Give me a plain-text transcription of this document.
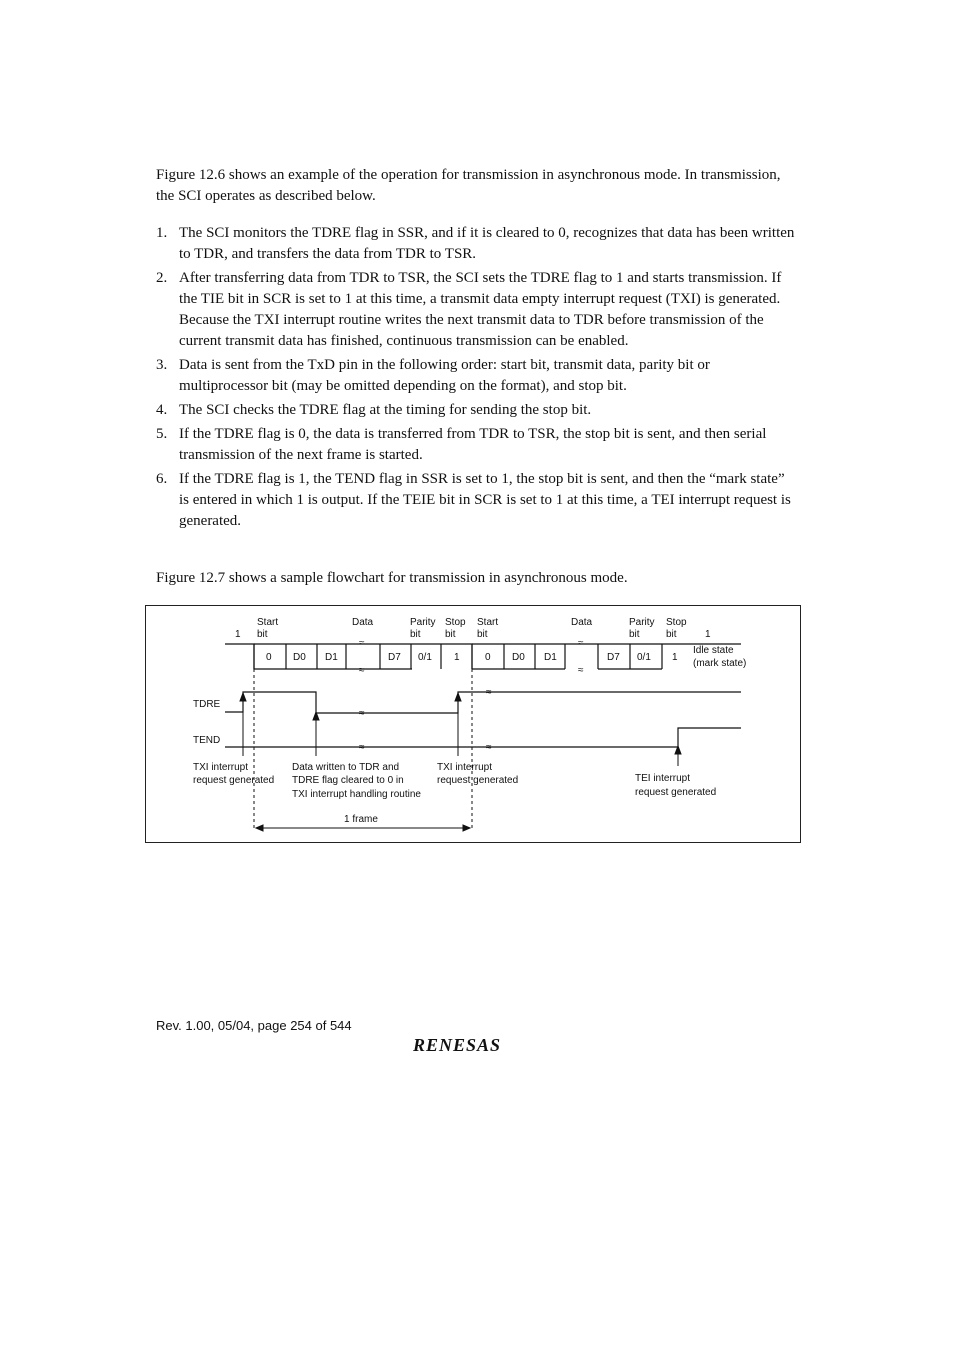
Figure 12.6 shows an example of the operation for transmission in asynchronous mode. In transmission, the SCI operates as described below.

1. The SCI monitors the TDRE flag in SSR, and if it is cleared to 0, recognizes that data has been written to TDR, and transfers the data from TDR to TSR.
2. After transferring data from TDR to TSR, the SCI sets the TDRE flag to 1 and starts transmission. If the TIE bit in SCR is set to 1 at this time, a transmit data empty interrupt request (TXI) is generated. Because the TXI interrupt routine writes the next transmit data to TDR before transmission of the current transmit data has finished, continuous transmission can be enabled.
3. Data is sent from the TxD pin in the following order: start bit, transmit data, parity bit or multiprocessor bit (may be omitted depending on the format), and stop bit.
4. The SCI checks the TDRE flag at the timing for sending the stop bit.
5. If the TDRE flag is 0, the data is transferred from TDR to TSR, the stop bit is sent, and then serial transmission of the next frame is started.
6. If the TDRE flag is 1, the TEND flag in SSR is set to 1, the stop bit is sent, and then the “mark state” is entered in which 1 is output. If the TEIE bit in SCR is set to 1 at this time, a TEI interrupt request is generated.

Figure 12.7 shows a sample flowchart for transmission in asynchronous mode.

Start
bit
Data	Parity
bit
Stop
bit
Start
bit
Data	Parity
bit
Stop
bit
1	1
≈
≈
≈
≈
0 D0 D1	D7 0/1 1	0 D0 D1	D7 0/1 1
Idle state
(mark state)
TDRE
TEND
≈
≈
≈
≈
TXI interrupt
request generated
Data written to TDR and
TDRE flag cleared to 0 in
TXI interrupt handling routine
TXI interrupt
request generated	TEI interrupt
request generated
1 frame
Rev. 1.00, 05/04, page 254 of 544
RENESAS
